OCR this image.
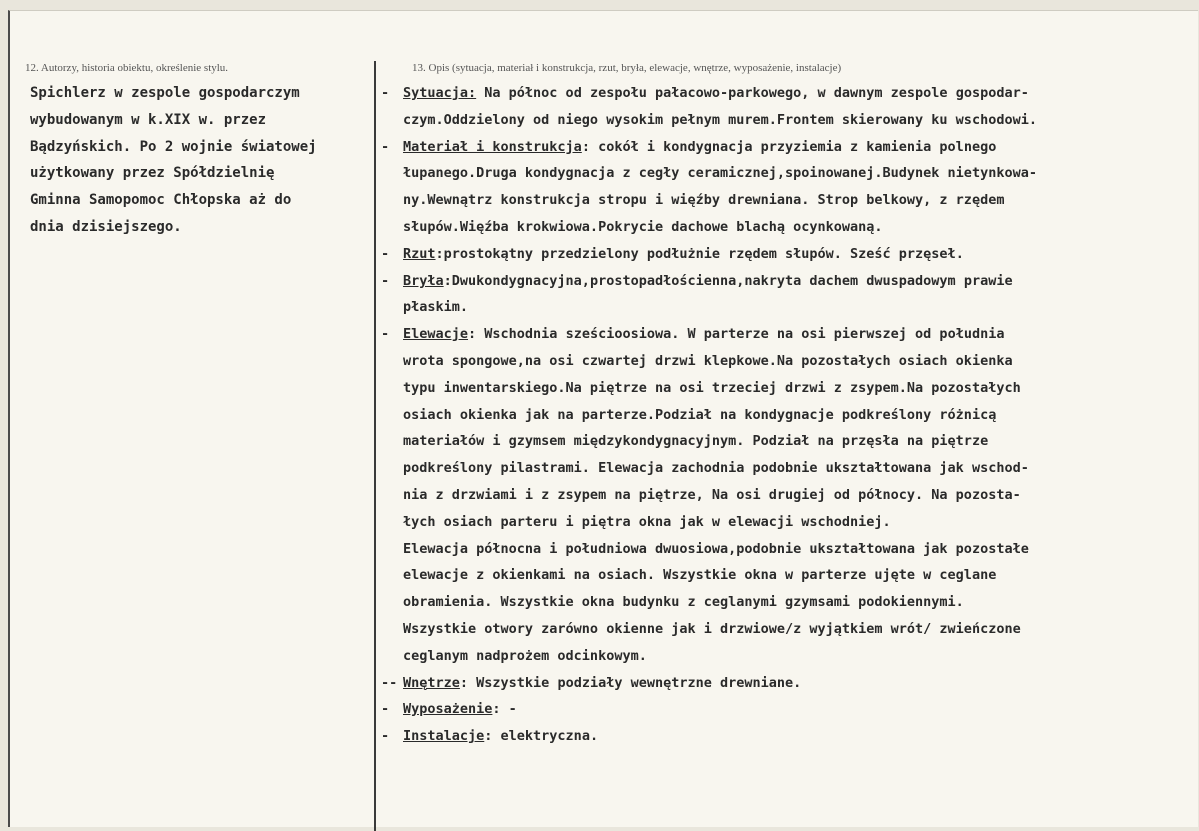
12. Autorzy, historia obiektu, określenie stylu.	13. Opis (sytuacja, materiał i konstrukcja, rzut, bryła, elewacje, wnętrze, wyposażenie, instalacje)
Spichlerz w zespole gospodarczym
wybudowanym w k.XIX w. przez
Bądzyńskich. Po 2 wojnie światowej
użytkowany przez Spółdzielnię
Gminna Samopomoc Chłopska aż do
dnia dzisiejszego.
-	Sytuacja: Na północ od zespołu pałacowo-parkowego, w dawnym zespole gospodar-
czym.Oddzielony od niego wysokim pełnym murem.Frontem skierowany ku wschodowi.
-	Materiał i konstrukcja: cokół i kondygnacja przyziemia z kamienia polnego
łupanego.Druga kondygnacja z cegły ceramicznej,spoinowanej.Budynek nietynkowa-
ny.Wewnątrz konstrukcja stropu i więźby drewniana. Strop belkowy, z rzędem
słupów.Więźba krokwiowa.Pokrycie dachowe blachą ocynkowaną.
-	Rzut:prostokątny przedzielony podłużnie rzędem słupów. Sześć przęseł.
-	Bryła:Dwukondygnacyjna,prostopadłościenna,nakryta dachem dwuspadowym prawie
płaskim.
-	Elewacje: Wschodnia sześcioosiowa. W parterze na osi pierwszej od południa
wrota spongowe,na osi czwartej drzwi klepkowe.Na pozostałych osiach okienka
typu inwentarskiego.Na piętrze na osi trzeciej drzwi z zsypem.Na pozostałych
osiach okienka jak na parterze.Podział na kondygnacje podkreślony różnicą
materiałów i gzymsem międzykondygnacyjnym. Podział na przęsła na piętrze
podkreślony pilastrami. Elewacja zachodnia podobnie ukształtowana jak wschod-
nia z drzwiami i z zsypem na piętrze, Na osi drugiej od północy. Na pozosta-
łych osiach parteru i piętra okna jak w elewacji wschodniej.
Elewacja północna i południowa dwuosiowa,podobnie ukształtowana jak pozostałe
elewacje z okienkami na osiach. Wszystkie okna w parterze ujęte w ceglane
obramienia. Wszystkie okna budynku z ceglanymi gzymsami podokiennymi.
Wszystkie otwory zarówno okienne jak i drzwiowe/z wyjątkiem wrót/ zwieńczone
ceglanym nadprożem odcinkowym.
-- Wnętrze: Wszystkie podziały wewnętrzne drewniane.
-	Wyposażenie: -
-	Instalacje: elektryczna.
